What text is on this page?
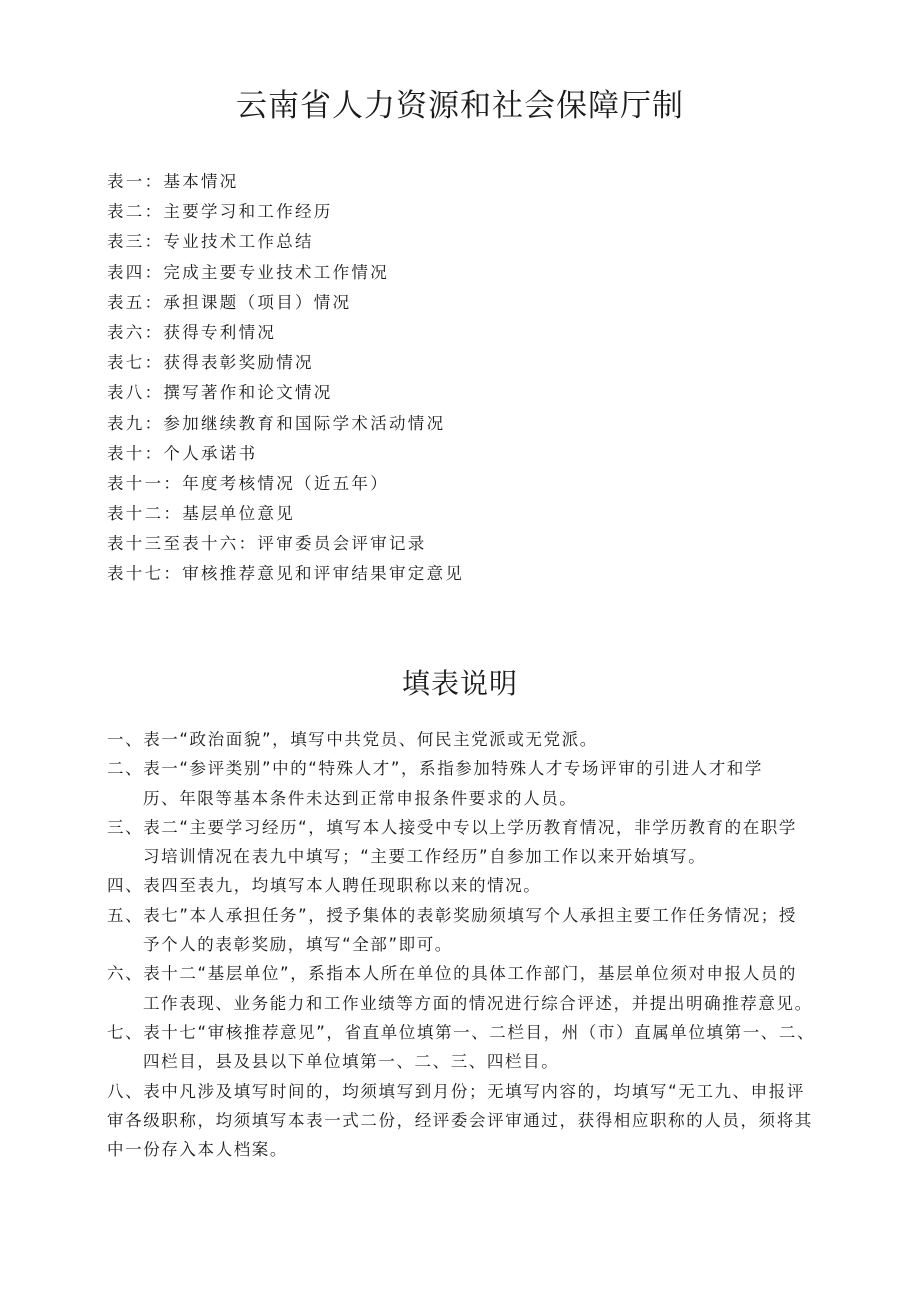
云南省人力资源和社会保障厅制
表一：基本情况
表二：主要学习和工作经历
表三：专业技术工作总结
表四：完成主要专业技术工作情况
表五：承担课题（项目）情况
表六：获得专利情况
表七：获得表彰奖励情况
表八：撰写著作和论文情况
表九：参加继续教育和国际学术活动情况
表十：个人承诺书
表十一：年度考核情况（近五年）
表十二：基层单位意见
表十三至表十六：评审委员会评审记录
表十七：审核推荐意见和评审结果审定意见
填表说明
一、表一“政治面貌”，填写中共党员、何民主党派或无党派。
二、表一“参评类别”中的“特殊人才”，系指参加特殊人才专场评审的引进人才和学
历、年限等基本条件未达到正常申报条件要求的人员。
三、表二“主要学习经历“，填写本人接受中专以上学历教育情况，非学历教育的在职学
习培训情况在表九中填写；“主要工作经历”自参加工作以来开始填写。
四、表四至表九，均填写本人聘任现职称以来的情况。
五、表七”本人承担任务”，授予集体的表彰奖励须填写个人承担主要工作任务情况；授
予个人的表彰奖励，填写“全部”即可。
六、表十二“基层单位”，系指本人所在单位的具体工作部门，基层单位须对申报人员的
工作表现、业务能力和工作业绩等方面的情况进行综合评述，并提出明确推荐意见。
七、表十七“审核推荐意见”，省直单位填第一、二栏目，州（市）直属单位填第一、二、
四栏目，县及县以下单位填第一、二、三、四栏目。
八、表中凡涉及填写时间的，均须填写到月份；无填写内容的，均填写“无工九、申报评
审各级职称，均须填写本表一式二份，经评委会评审通过，获得相应职称的人员，须将其
中一份存入本人档案。
